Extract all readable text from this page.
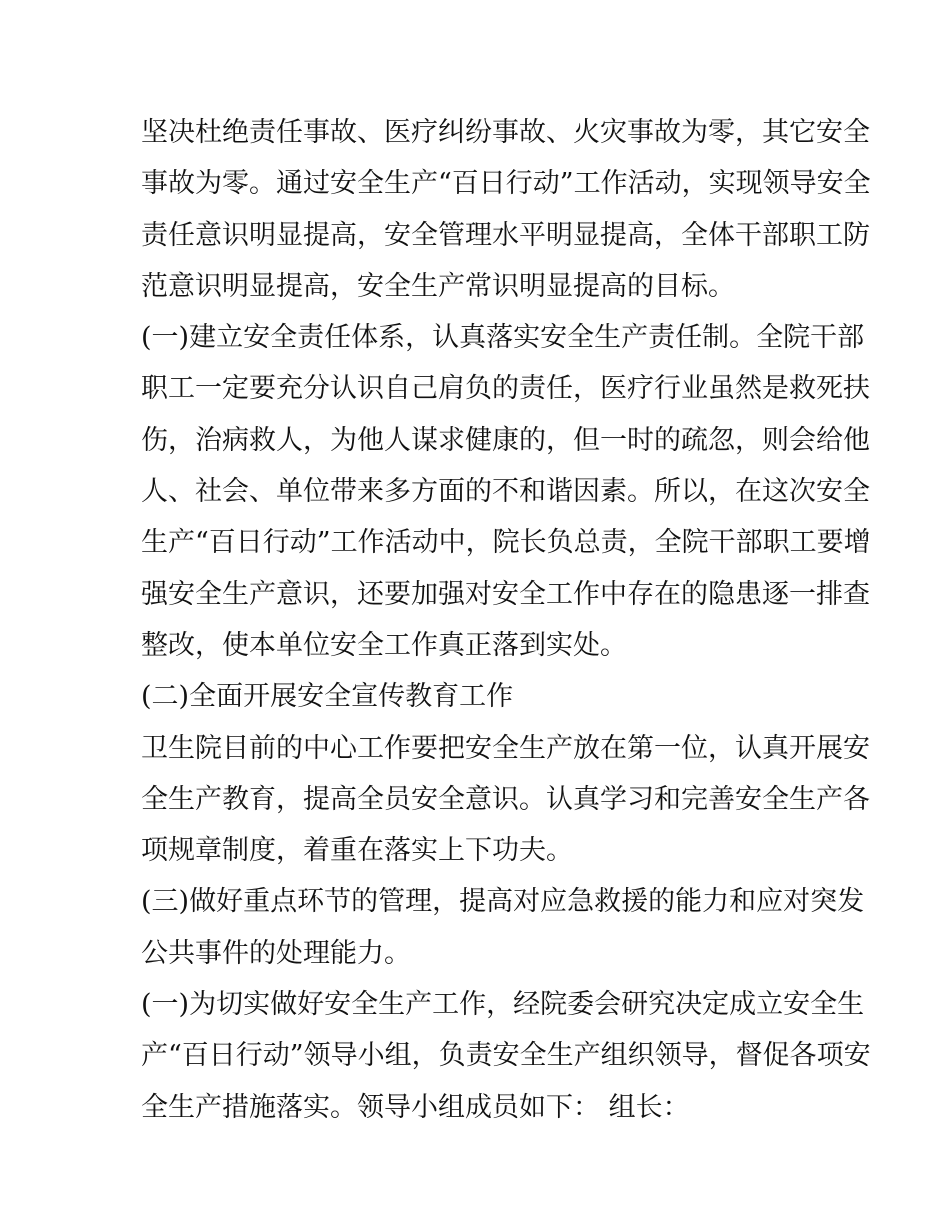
坚决杜绝责任事故、医疗纠纷事故、火灾事故为零，其它安全
事故为零。通过安全生产“百日行动”工作活动，实现领导安全
责任意识明显提高，安全管理水平明显提高，全体干部职工防
范意识明显提高，安全生产常识明显提高的目标。
(一)建立安全责任体系，认真落实安全生产责任制。全院干部
职工一定要充分认识自己肩负的责任，医疗行业虽然是救死扶
伤，治病救人，为他人谋求健康的，但一时的疏忽，则会给他
人、社会、单位带来多方面的不和谐因素。所以，在这次安全
生产“百日行动”工作活动中，院长负总责，全院干部职工要增
强安全生产意识，还要加强对安全工作中存在的隐患逐一排查
整改，使本单位安全工作真正落到实处。
(二)全面开展安全宣传教育工作
卫生院目前的中心工作要把安全生产放在第一位，认真开展安
全生产教育，提高全员安全意识。认真学习和完善安全生产各
项规章制度，着重在落实上下功夫。
(三)做好重点环节的管理，提高对应急救援的能力和应对突发
公共事件的处理能力。
(一)为切实做好安全生产工作，经院委会研究决定成立安全生
产“百日行动”领导小组，负责安全生产组织领导，督促各项安
全生产措施落实。领导小组成员如下： 组长：
